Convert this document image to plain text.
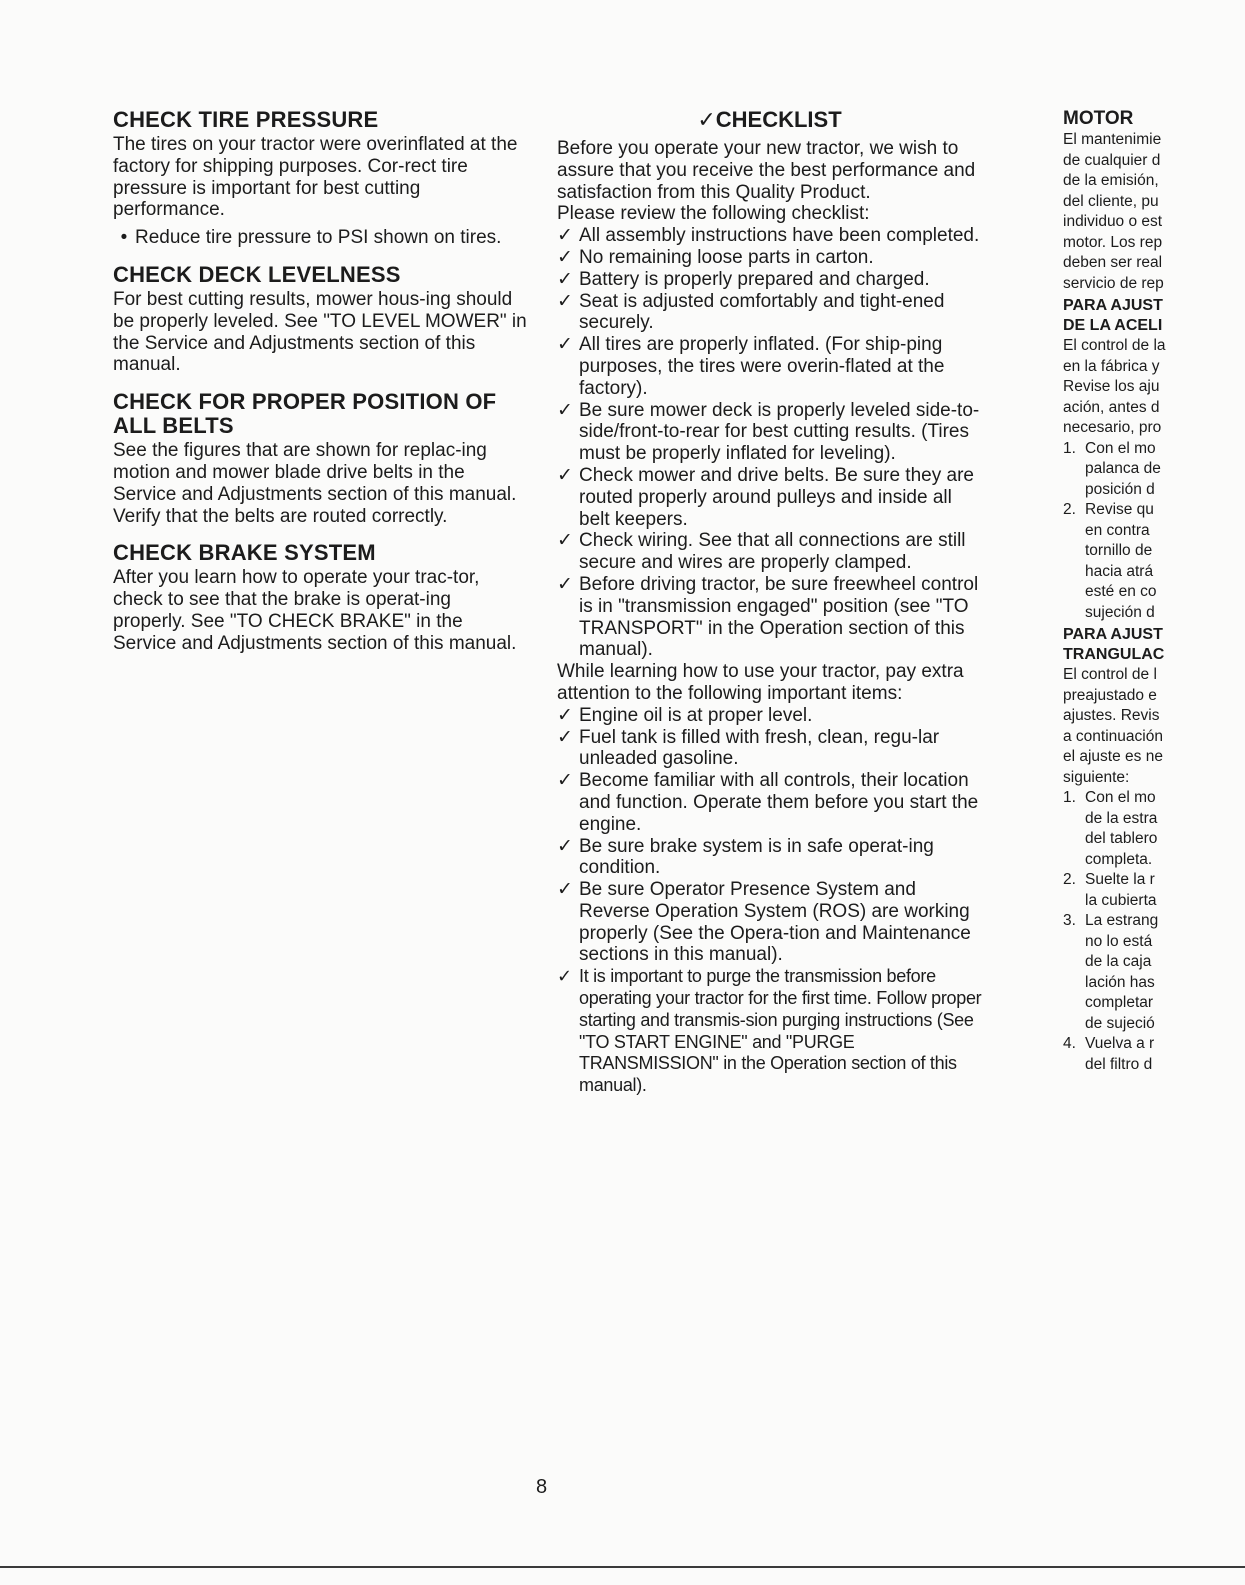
CHECK TIRE PRESSURE
The tires on your tractor were overinflated at the factory for shipping purposes. Cor-rect tire pressure is important for best cutting performance.
• Reduce tire pressure to PSI shown on tires.
CHECK DECK LEVELNESS
For best cutting results, mower hous-ing should be properly leveled. See "TO LEVEL MOWER" in the Service and Adjustments section of this manual.
CHECK FOR PROPER POSITION OF ALL BELTS
See the figures that are shown for replac-ing motion and mower blade drive belts in the Service and Adjustments section of this manual. Verify that the belts are routed correctly.
CHECK BRAKE SYSTEM
After you learn how to operate your trac-tor, check to see that the brake is operat-ing properly. See "TO CHECK BRAKE" in the Service and Adjustments section of this manual.
✓CHECKLIST
Before you operate your new tractor, we wish to assure that you receive the best performance and satisfaction from this Quality Product.
Please review the following checklist:
✓ All assembly instructions have been completed.
✓ No remaining loose parts in carton.
✓ Battery is properly prepared and charged.
✓ Seat is adjusted comfortably and tight-ened securely.
✓ All tires are properly inflated. (For ship-ping purposes, the tires were overin-flated at the factory).
✓ Be sure mower deck is properly leveled side-to-side/front-to-rear for best cutting results. (Tires must be properly inflated for leveling).
✓ Check mower and drive belts. Be sure they are routed properly around pulleys and inside all belt keepers.
✓ Check wiring. See that all connections are still secure and wires are properly clamped.
✓ Before driving tractor, be sure freewheel control is in "transmission engaged" position (see "TO TRANSPORT" in the Operation section of this manual).
While learning how to use your tractor, pay extra attention to the following important items:
✓ Engine oil is at proper level.
✓ Fuel tank is filled with fresh, clean, regu-lar unleaded gasoline.
✓ Become familiar with all controls, their location and function. Operate them before you start the engine.
✓ Be sure brake system is in safe operat-ing condition.
✓ Be sure Operator Presence System and Reverse Operation System (ROS) are working properly (See the Opera-tion and Maintenance sections in this manual).
✓ It is important to purge the transmission before operating your tractor for the first time. Follow proper starting and transmis-sion purging instructions (See "TO START ENGINE" and "PURGE TRANSMISSION" in the Operation section of this manual).
MOTOR
El mantenimie
de cualquier d
de la emisión,
del cliente, pu
individuo o est
motor. Los rep
deben ser real
servicio de rep
PARA AJUST
DE LA ACELI
El control de la
en la fábrica y
Revise los aju
ación, antes d
necesario, pro
1. Con el mo
palanca de
posición d
2. Revise qu
en contra
tornillo de
hacia atrá
esté en co
sujeción d
PARA AJUST
TRANGULAC
El control de l
preajustado e
ajustes. Revis
a continuación
el ajuste es ne
siguiente:
1. Con el mo
de la estra
del tablero
completa.
2. Suelte la r
la cubierta
3. La estrang
no lo está
de la caja
lación has
completar
de sujeció
4. Vuelva a r
del filtro d
8
